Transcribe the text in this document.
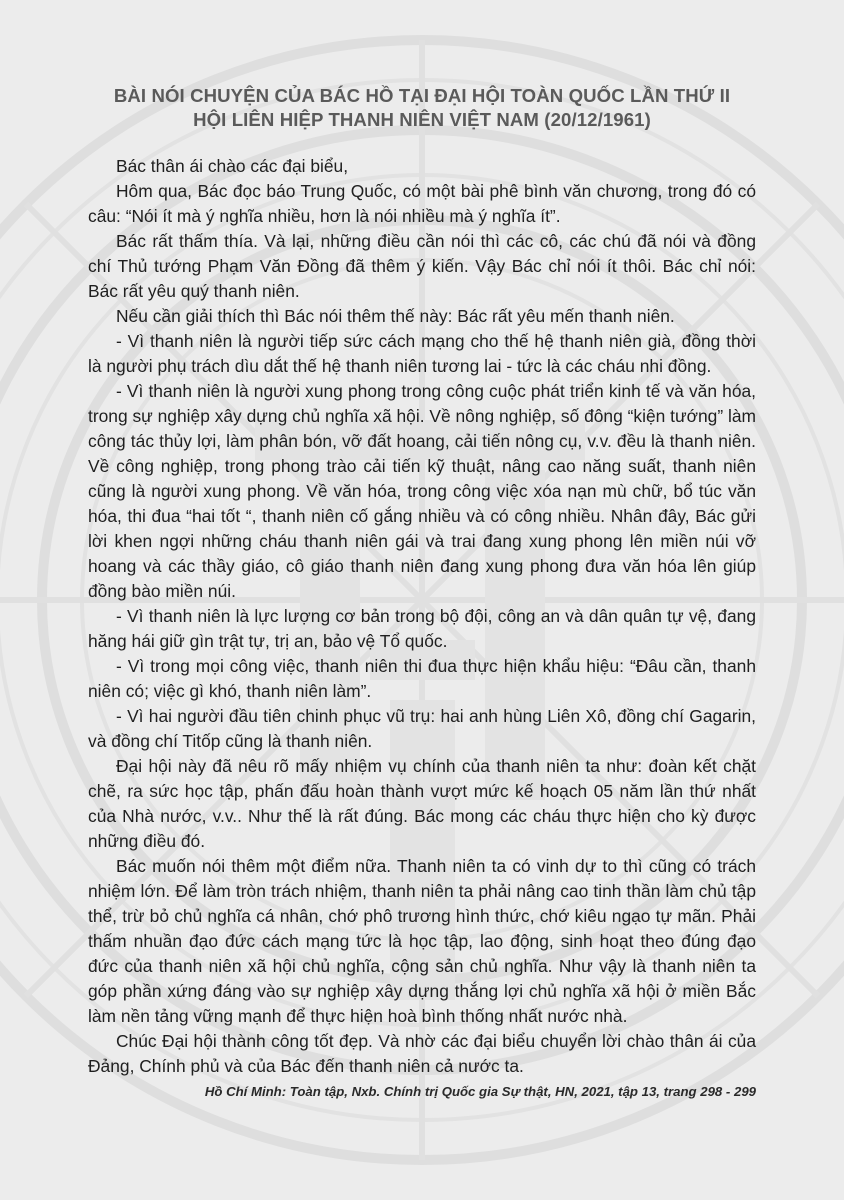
BÀI NÓI CHUYỆN CỦA BÁC HỒ TẠI ĐẠI HỘI TOÀN QUỐC LẦN THỨ II
HỘI LIÊN HIỆP THANH NIÊN VIỆT NAM (20/12/1961)

Bác thân ái chào các đại biểu,

Hôm qua, Bác đọc báo Trung Quốc, có một bài phê bình văn chương, trong đó có câu: “Nói ít mà ý nghĩa nhiều, hơn là nói nhiều mà ý nghĩa ít”.

Bác rất thấm thía. Và lại, những điều cần nói thì các cô, các chú đã nói và đồng chí Thủ tướng Phạm Văn Đồng đã thêm ý kiến. Vậy Bác chỉ nói ít thôi. Bác chỉ nói: Bác rất yêu quý thanh niên.

Nếu cần giải thích thì Bác nói thêm thế này: Bác rất yêu mến thanh niên.

- Vì thanh niên là người tiếp sức cách mạng cho thế hệ thanh niên già, đồng thời là người phụ trách dìu dắt thế hệ thanh niên tương lai - tức là các cháu nhi đồng.

- Vì thanh niên là người xung phong trong công cuộc phát triển kinh tế và văn hóa, trong sự nghiệp xây dựng chủ nghĩa xã hội. Về nông nghiệp, số đông “kiện tướng” làm công tác thủy lợi, làm phân bón, vỡ đất hoang, cải tiến nông cụ, v.v. đều là thanh niên. Về công nghiệp, trong phong trào cải tiến kỹ thuật, nâng cao năng suất, thanh niên cũng là người xung phong. Về văn hóa, trong công việc xóa nạn mù chữ, bổ túc văn hóa, thi đua “hai tốt “, thanh niên cố gắng nhiều và có công nhiều. Nhân đây, Bác gửi lời khen ngợi những cháu thanh niên gái và trai đang xung phong lên miền núi vỡ hoang và các thầy giáo, cô giáo thanh niên đang xung phong đưa văn hóa lên giúp đồng bào miền núi.

- Vì thanh niên là lực lượng cơ bản trong bộ đội, công an và dân quân tự vệ, đang hăng hái giữ gìn trật tự, trị an, bảo vệ Tổ quốc.

- Vì trong mọi công việc, thanh niên thi đua thực hiện khẩu hiệu: “Đâu cần, thanh niên có; việc gì khó, thanh niên làm”.

- Vì hai người đầu tiên chinh phục vũ trụ: hai anh hùng Liên Xô, đồng chí Gagarin, và đồng chí Titốp cũng là thanh niên.

Đại hội này đã nêu rõ mấy nhiệm vụ chính của thanh niên ta như: đoàn kết chặt chẽ, ra sức học tập, phấn đấu hoàn thành vượt mức kế hoạch 05 năm lần thứ nhất của Nhà nước, v.v.. Như thế là rất đúng. Bác mong các cháu thực hiện cho kỳ được những điều đó.

Bác muốn nói thêm một điểm nữa. Thanh niên ta có vinh dự to thì cũng có trách nhiệm lớn. Để làm tròn trách nhiệm, thanh niên ta phải nâng cao tinh thần làm chủ tập thể, trừ bỏ chủ nghĩa cá nhân, chớ phô trương hình thức, chớ kiêu ngạo tự mãn. Phải thấm nhuần đạo đức cách mạng tức là học tập, lao động, sinh hoạt theo đúng đạo đức của thanh niên xã hội chủ nghĩa, cộng sản chủ nghĩa. Như vậy là thanh niên ta góp phần xứng đáng vào sự nghiệp xây dựng thắng lợi chủ nghĩa xã hội ở miền Bắc làm nền tảng vững mạnh để thực hiện hoà bình thống nhất nước nhà.

Chúc Đại hội thành công tốt đẹp. Và nhờ các đại biểu chuyển lời chào thân ái của Đảng, Chính phủ và của Bác đến thanh niên cả nước ta.

Hồ Chí Minh: Toàn tập, Nxb. Chính trị Quốc gia Sự thật, HN, 2021, tập 13, trang 298 - 299
